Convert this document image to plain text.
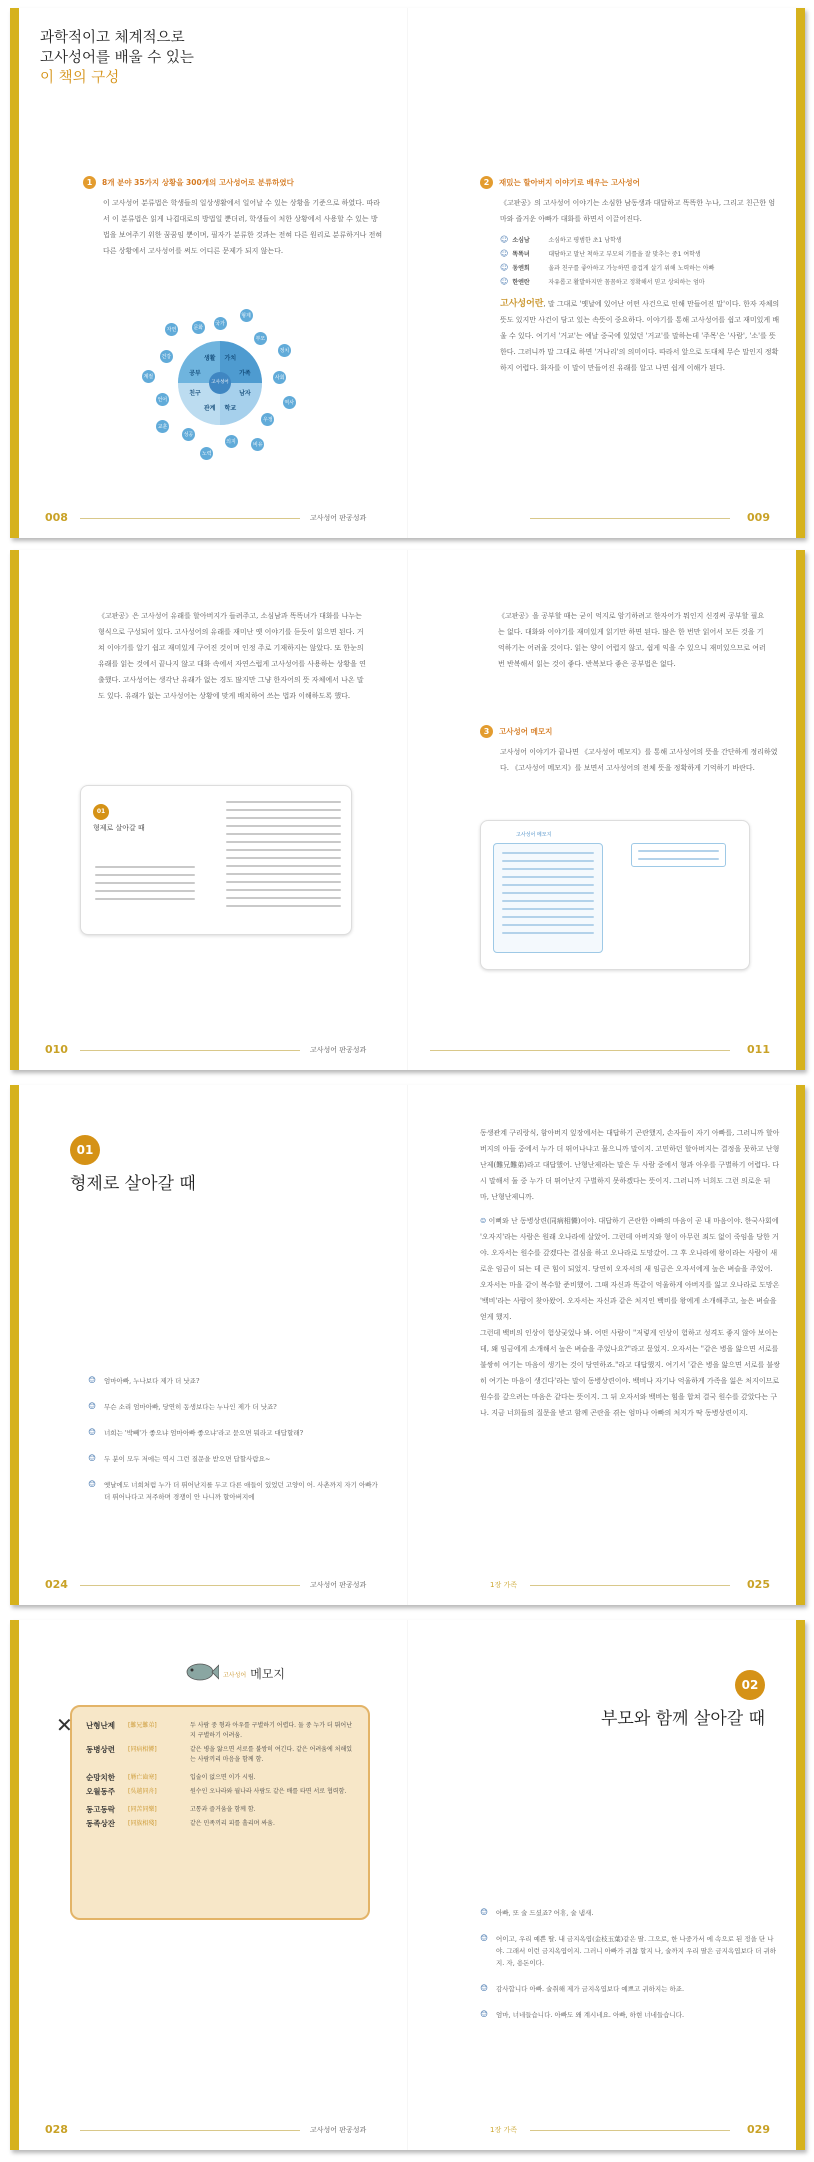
과학적이고 체계적으로
고사성어를 배울 수 있는
이 책의 구성
1	8개 분야 35가지 상황을 300개의 고사성어로 분류하였다

이 고사성어 분류법은 학생들의 일상생활에서 일어날 수 있는 상황을 기준으로 하였다. 따라서 이 분류법은 읽게 나겹대로의 방법일 뿐더러, 학생들이 처한 상황에서 사용할 수 있는 방법을 보여주기 위한 꿈꿈임 뿐이며, 필자가 분류한 것과는 전혀 다른 원리로 분류하거나 전혀 다른 상황에서 고사성어를 써도 어디른 문제가 되지 않는다.

가치
가족
남자
학교
관계
친구
공부
생활
고사성어
국가
형제
부모
정치
사회
역사
우정
비유
의지
노력
성공
교훈
언어
계절
건강
자연	문화
2	재밌는 할아버지 이야기로 배우는 고사성어

《고판공》의 고사성어 이야기는 소심한 남동생과 대달하고 똑똑한 누나, 그리고 친근한 엄마와 즐거운 아빠가 대화를 하면서 이끌어진다.

☺ 소심남	소심하고 평범한 초1 남학생
☺ 똑똑녀	대담하고 말난 척하고 부모의 기를을 잘 맞추는 중1 여학생
☺ 동엔희	울과 친구를 좋아하고 가능하면 즐겁게 살기 위해 노력하는 아빠
☺ 한엔란	자유롭고 활발하지만 꼼꼼하고 정확해서 믿고 상의하는 엄마

고사성어란, 말 그대로 '옛날에 있어난 어떤 사건으로 인해 만들어진 말'이다. 한자 자체의 뜻도 있지만 사건이 담고 있는 속뜻이 중요하다. 이야기를 통해 고사성어를 쉽고 재미있게 배울 수 있다. 여기서 '거교'는 예날 중국에 있었던 '거교'를 말하는데 '주목'은 '사람', '소'를 뜻한다. 그러니까 말 그대로 하면 '거나리'의 의미이다. 따라서 앞으로 도대체 무슨 말인지 정확하지 어렵다. 화자를 이 말이 만들어진 유래를 알고 나면 쉽게 이해가 된다.

008	고사성어 판공성과	009

《고판공》은 고사성어 유래를 할아버지가 들려주고, 소심남과 똑똑녀가 대화를 나누는 형식으로 구성되어 있다. 고사성어의 유래를 재미난 옛 이야기를 듣듯이 읽으면 된다. 거쳐 이야기를 알기 쉽고 재미있게 구어진 것이며 인정 주로 기재하지는 않았다. 또 한눈의 유래를 읽는 것에서 끝나지 않고 대화 속에서 자연스럽게 고사성어를 사용하는 상황을 연출했다. 고사성어는 생각난 유래가 없는 경도 많지만 그냥 한자어의 뜻 자체에서 나온 말도 있다. 유래가 없는 고사성어는 상황에 맞게 배치하여 쓰는 법과 이해하도록 했다.

01
형제로 살아갈 때

《고판공》을 공부할 때는 굳이 억지로 암기하려고 한자어가 뭐인지 신경써 공부할 필요는 없다. 대화와 이야기를 재미있게 읽기만 하면 된다. 많은 한 번만 읽어서 모든 것을 기억하기는 어려울 것이다. 읽는 양이 어렵지 않고, 쉽게 익을 수 있으니 재미있으므로 여러 번 반복해서 읽는 것이 좋다. 반복보다 좋은 공부법은 없다.

3	고사성어 메모지

고사성어 이야기가 끝나면 《고사성어 메모지》를 통해 고사성어의 뜻을 간단하게 정리하였다. 《고사성어 메모지》를 보면서 고사성어의 전체 뜻을 정확하게 기억하기 바란다.

고사성어 메모지
010	고사성어 판공성과	011
01
형제로 살아갈 때
☺	엄마아빠, 누나보다 제가 더 낫죠?
☺	무슨 소리 엄마아빠, 당연히 동생보다는 누나인 제가 더 낫죠?
☺	너희는 '박빼'가 좋으냐 엄마아빠 좋으냐'라고 묻으면 뭐라고 대답할래?
☺	두 분이 모두 저에는 역시 그런 질문을 받으면 답할사람요~
☺	옛날에도 너희처럼 누가 더 뛰어난지를 두고 다른 애들이 있었던 고양이 어. 사촌까지 자기 아빠가 더 뛰어나다고 저주하며 경쟁이 안 나니까 할아버지에

동생관계 구리랑식, 함아버지 잎장에서는 대답하기 곤란했지, 손자들이 자기 아빠를, 그러니까 할아버지의 아들 중에서 누가 더 뛰어나냐고 물으니까 말이지. 고민하던 할아버지는 결정을 못하고 난형난제(難兄難弟)라고 대답했어. 난형난제라는 말은 두 사람 중에서 형과 아우를 구별하기 어렵다. 다시 말해서 둘 중 누가 더 뛰어난지 구별하지 못하겠다는 뜻이지. 그러니까 너희도 그런 의로운 뒤 마, 난형난제니까.

☺ 이뻐와 난 동병상련(同病相憐)이야. 대답하기 곤란한 아빠의 마음이 곧 내 마음이야. 한국사회에 '오자지'라는 사람은 원래 오나라에 살았어. 그런데 아버지와 형이 아무런 죄도 없이 죽임을 당한 거야. 오자서는 원수를 갚겠다는 결심을 하고 오나라로 도망갔어. 그 후 오나라에 왕이라는 사람이 새로운 임금이 되는 데 큰 힘이 되었지. 당연히 오자서의 새 임금은 오자서에게 높은 벼슬을 주었어. 오자서는 마을 같이 복수할 준비했어. 그때 자신과 똑같이 억울하게 아버지를 잃고 오나라로 도망온 '백비'라는 사람이 찾아왔어. 오자서는 자신과 같은 처지인 백비를 왕에게 소개해주고, 높은 벼슬을 얻게 했지.

그런데 백비의 인상이 험상궂었나 봐. 어떤 사람이 "저렇게 인상이 험하고 성격도 좋지 않아 보이는데, 왜 임금에게 소개해서 높은 벼슬을 주었나요?"라고 묻었지. 오자서는 "같은 병을 앓으면 서로를 불쌍히 여기는 마음이 생기는 것이 당연하죠."라고 대답했지. 여기서 '같은 병을 앓으면 서로를 불쌍히 여기는 마음이 생긴다'라는 말이 동병상련이야. 백비나 자기나 억울하게 가족을 잃은 처지이므로 원수를 갚으려는 마음은 같다는 뜻이지. 그 뒤 오자서와 백비는 힘을 합쳐 결국 원수를 갚았다는 구나. 지금 너희들의 질문을 받고 함께 곤란을 겪는 엄마나 아빠의 처지가 딱 동병상련이지.

024	고사성어 판공성과	1장 가족	025
고사성어 메모지
✕ 난형난제	[難兄難弟]	두 사람 중 형과 아우를 구별하기 어렵다. 둘 중 누가 더 뛰어난지 구별하기 어려움.
동병상련	[同病相憐]	같은 병을 앓으면 서로를 불쌍히 여긴다. 같은 어려움에 처해있는 사람끼리 마음을 함께 함.
순망치한	[脣亡齒寒]	입술이 없으면 이가 시림.
오월동주	[吳越同舟]	원수인 오나라와 월나라 사람도 같은 배를 타면 서로 협력함.
동고동락	[同苦同樂]	고통과 즐거움을 함께 함.
동족상잔	[同族相殘]	같은 민족끼리 피를 흘리며 싸움.
02
부모와 함께 살아갈 때
☺	아빠, 또 술 드셨죠? 어휴, 술 냄새.
☺	어이고, 우리 예쁜 딸. 내 금지옥엽(金枝玉葉)같은 딸. 그으로, 한 나중가서 에 속으로 된 정을 단 나야. 그래서 이런 금지옥엽이지. 그러니 아빠가 귀찮 할지 나, 술까지 우리 딸은 금지옥엽보다 더 귀하지. 자, 용돈이다.
☺	감사합니다 아빠. 술취해 제가 금지옥엽보다 예쁘고 귀하지는 하죠.
☺	엄마, 너네들습니다. 아빠도 왜 계시네요. 아빠, 하현 너네들습니다.
028	고사성어 판공성과	1장 가족	029
